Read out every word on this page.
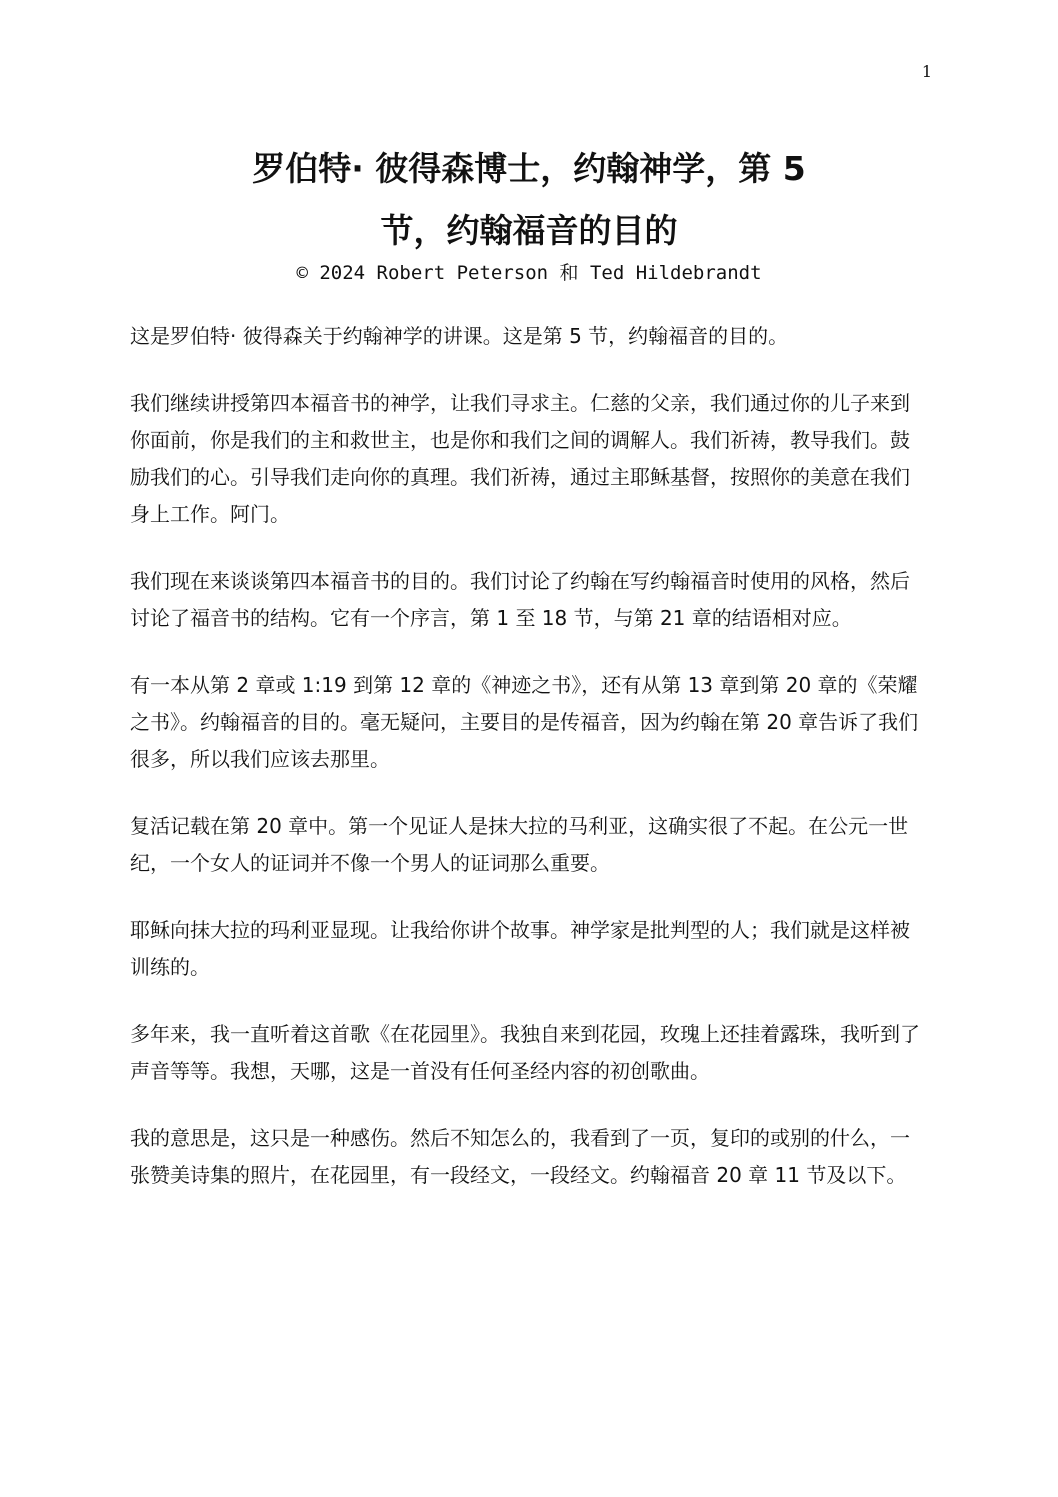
1
罗伯特· 彼得森博士，约翰神学，第 5
节，约翰福音的目的
© 2024 Robert Peterson 和 Ted Hildebrandt

这是罗伯特· 彼得森关于约翰神学的讲课。这是第 5 节，约翰福音的目的。

我们继续讲授第四本福音书的神学，让我们寻求主。仁慈的父亲，我们通过你的儿子来到你面前，你是我们的主和救世主，也是你和我们之间的调解人。我们祈祷，教导我们。鼓励我们的心。引导我们走向你的真理。我们祈祷，通过主耶稣基督，按照你的美意在我们身上工作。阿门。

我们现在来谈谈第四本福音书的目的。我们讨论了约翰在写约翰福音时使用的风格，然后讨论了福音书的结构。它有一个序言，第 1 至 18 节，与第 21 章的结语相对应。

有一本从第 2 章或 1:19 到第 12 章的《神迹之书》，还有从第 13 章到第 20 章的《荣耀之书》。约翰福音的目的。毫无疑问，主要目的是传福音，因为约翰在第 20 章告诉了我们很多，所以我们应该去那里。

复活记载在第 20 章中。第一个见证人是抹大拉的马利亚，这确实很了不起。在公元一世纪，一个女人的证词并不像一个男人的证词那么重要。

耶稣向抹大拉的玛利亚显现。让我给你讲个故事。神学家是批判型的人；我们就是这样被训练的。

多年来，我一直听着这首歌《在花园里》。我独自来到花园，玫瑰上还挂着露珠，我听到了声音等等。我想，天哪，这是一首没有任何圣经内容的初创歌曲。

我的意思是，这只是一种感伤。然后不知怎么的，我看到了一页，复印的或别的什么，一张赞美诗集的照片，在花园里，有一段经文，一段经文。约翰福音 20 章 11 节及以下。
